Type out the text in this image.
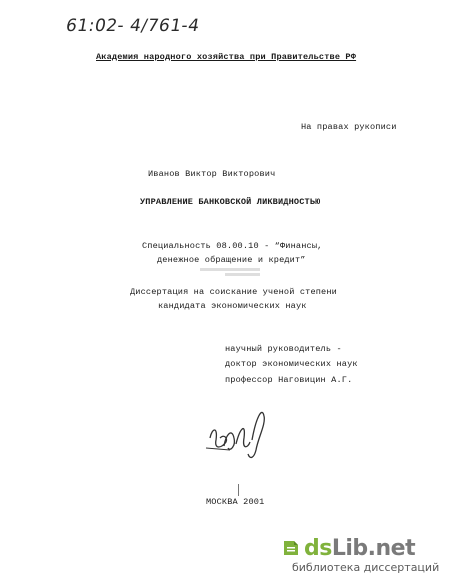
61:02- 4/761-4
Академия народного хозяйства при Правительстве РФ
На правах рукописи
Иванов Виктор Викторович
УПРАВЛЕНИЕ БАНКОВСКОЙ ЛИКВИДНОСТЬЮ
Специальность 08.00.10 - “Финансы,
денежное обращение и кредит”
Диссертация на соискание ученой степени
кандидата экономических наук
научный руководитель -
доктор экономических наук
профессор Наговицин А.Г.
МОСКВА 2001
dsLib.net
библиотека диссертаций
